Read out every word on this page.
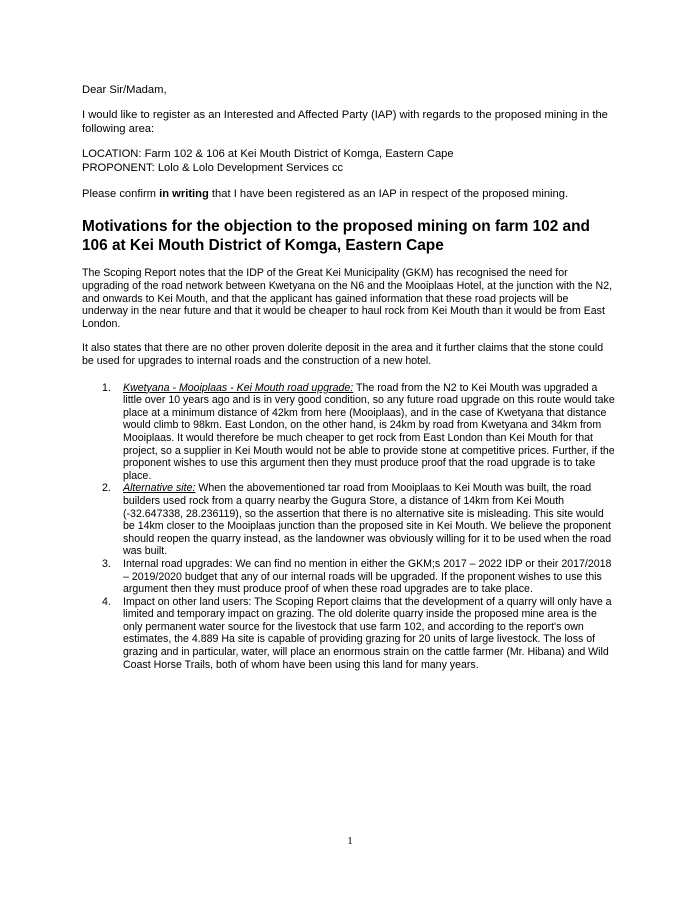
Dear Sir/Madam,

I would like to register as an Interested and Affected Party (IAP) with regards to the proposed mining in the following area:

LOCATION: Farm 102 & 106 at Kei Mouth District of Komga, Eastern Cape

PROPONENT: Lolo & Lolo Development Services cc

Please confirm in writing that I have been registered as an IAP in respect of the proposed mining.

Motivations for the objection to the proposed mining on farm 102 and 106 at Kei Mouth District of Komga, Eastern Cape

The Scoping Report notes that the IDP of the Great Kei Municipality (GKM) has recognised the need for upgrading of the road network between Kwetyana on the N6 and the Mooiplaas Hotel, at the junction with the N2, and onwards to Kei Mouth, and that the applicant has gained information that these road projects will be underway in the near future and that it would be cheaper to haul rock from Kei Mouth than it would be from East London.

It also states that there are no other proven dolerite deposit in the area and it further claims that the stone could be used for upgrades to internal roads and the construction of a new hotel.

1.	Kwetyana - Mooiplaas - Kei Mouth road upgrade: The road from the N2 to Kei Mouth was upgraded a little over 10 years ago and is in very good condition, so any future road upgrade on this route would take place at a minimum distance of 42km from here (Mooiplaas), and in the case of Kwetyana that distance would climb to 98km. East London, on the other hand, is 24km by road from Kwetyana and 34km from Mooiplaas. It would therefore be much cheaper to get rock from East London than Kei Mouth for that project, so a supplier in Kei Mouth would not be able to provide stone at competitive prices. Further, if the proponent wishes to use this argument then they must produce proof that the road upgrade is to take place.
2.	Alternative site: When the abovementioned tar road from Mooiplaas to Kei Mouth was built, the road builders used rock from a quarry nearby the Gugura Store, a distance of 14km from Kei Mouth (-32.647338, 28.236119), so the assertion that there is no alternative site is misleading. This site would be 14km closer to the Mooiplaas junction than the proposed site in Kei Mouth. We believe the proponent should reopen the quarry instead, as the landowner was obviously willing for it to be used when the road was built.
3.	Internal road upgrades: We can find no mention in either the GKM;s 2017 – 2022 IDP or their 2017/2018 – 2019/2020 budget that any of our internal roads will be upgraded. If the proponent wishes to use this argument then they must produce proof of when these road upgrades are to take place.
4.	Impact on other land users: The Scoping Report claims that the development of a quarry will only have a limited and temporary impact on grazing. The old dolerite quarry inside the proposed mine area is the only permanent water source for the livestock that use farm 102, and according to the report's own estimates, the 4.889 Ha site is capable of providing grazing for 20 units of large livestock. The loss of grazing and in particular, water, will place an enormous strain on the cattle farmer (Mr. Hibana) and Wild Coast Horse Trails, both of whom have been using this land for many years.
1
